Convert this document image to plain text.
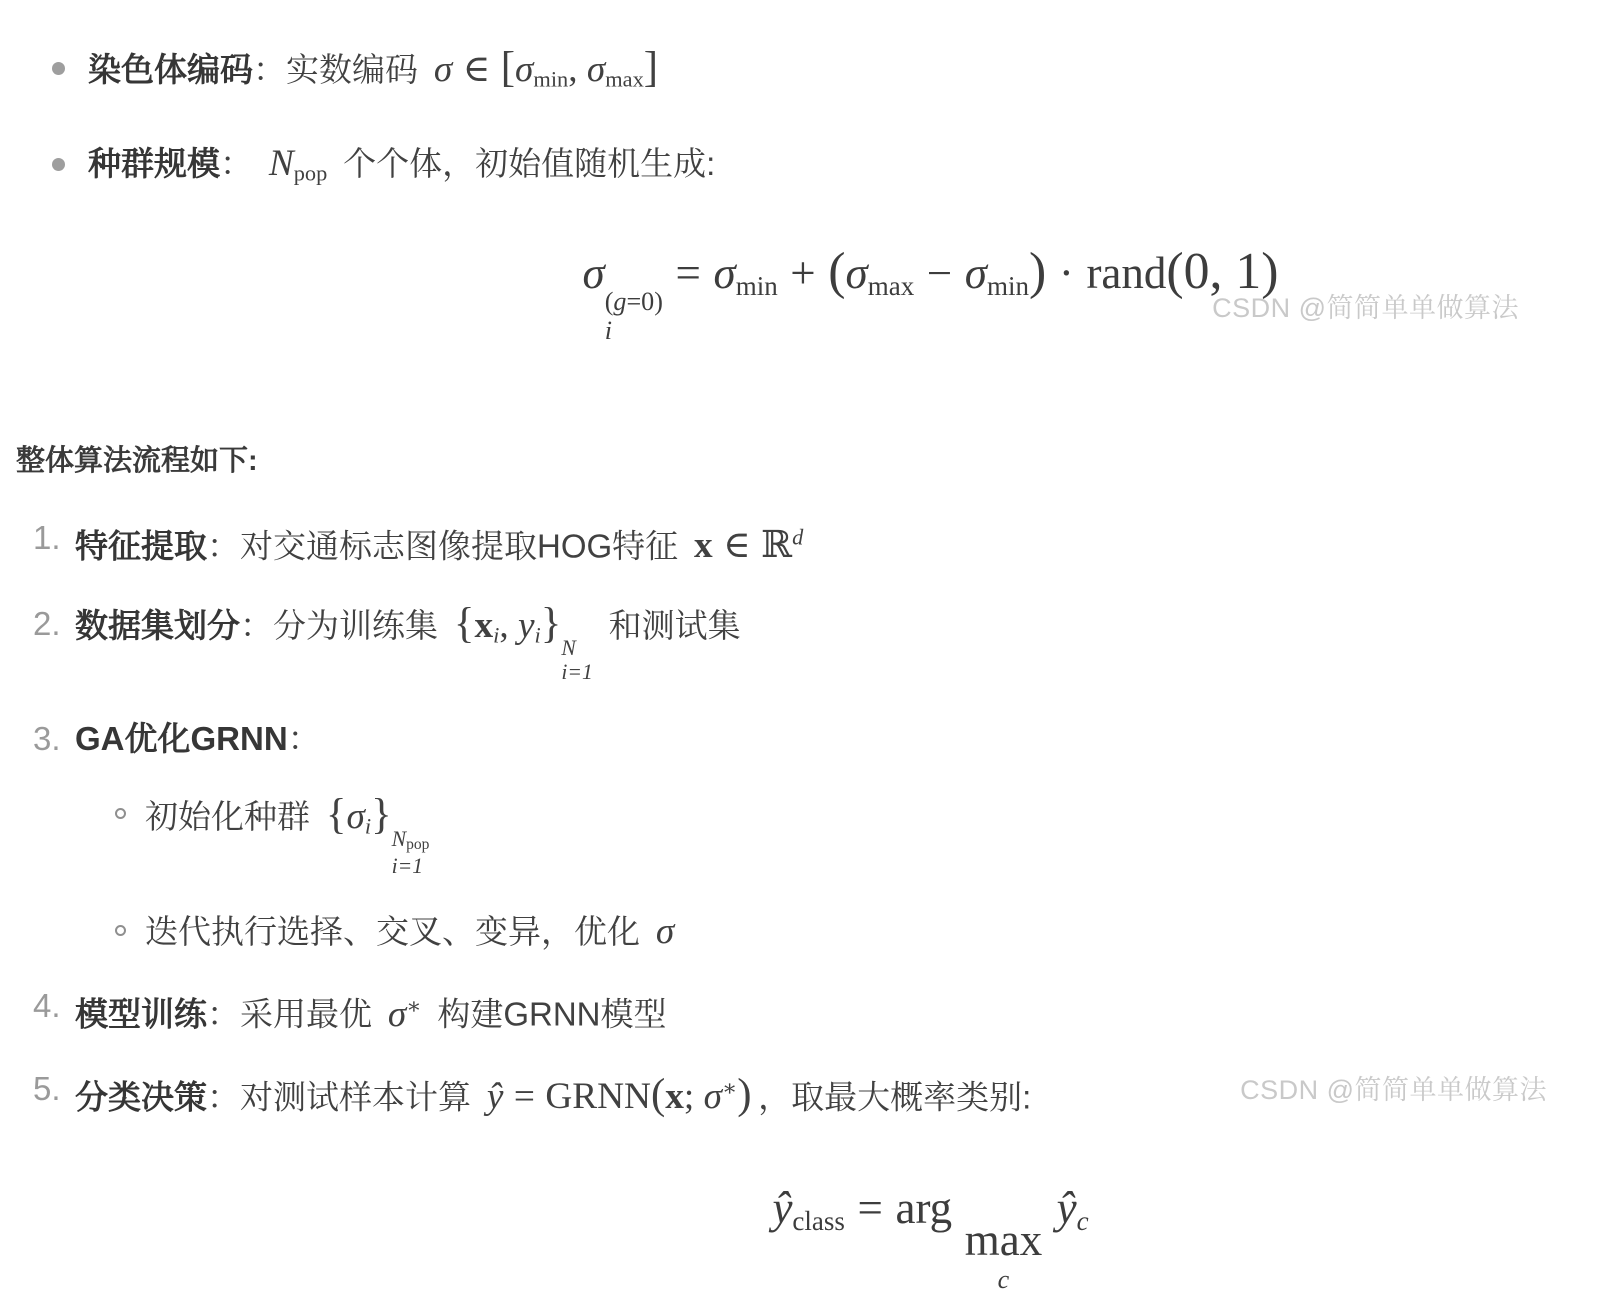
染色体编码：实数编码 σ ∈ [$\sigma_{min}$, $\sigma_{max}$]
种群规模： $N_{pop}$ 个个体，初始值随机生成:
σ
(g=0)
i
= $\sigma_{min} + (\sigma_{max} - \sigma_{min})$ · rand(0, 1)
整体算法流程如下:
1. 特征提取：对交通标志图像提取HOG特征 x ∈ ℝ$^d$
2. 数据集划分：分为训练集 {$x_i$, $y_i$}
N
i=1
和测试集
3. GA优化GRNN：
初始化种群 $\{\sigma_i\}$
Npop
i=1
迭代执行选择、交叉、变异，优化 σ
4. 模型训练：采用最优 σ∗ 构建GRNN模型
5. 分类决策：对测试样本计算 ŷ = GRNN(x; σ∗) ，取最大概率类别:
$ŷ_{class}$ = arg
max
c
$ŷ_c$
CSDN @简简单单做算法
CSDN @简简单单做算法
